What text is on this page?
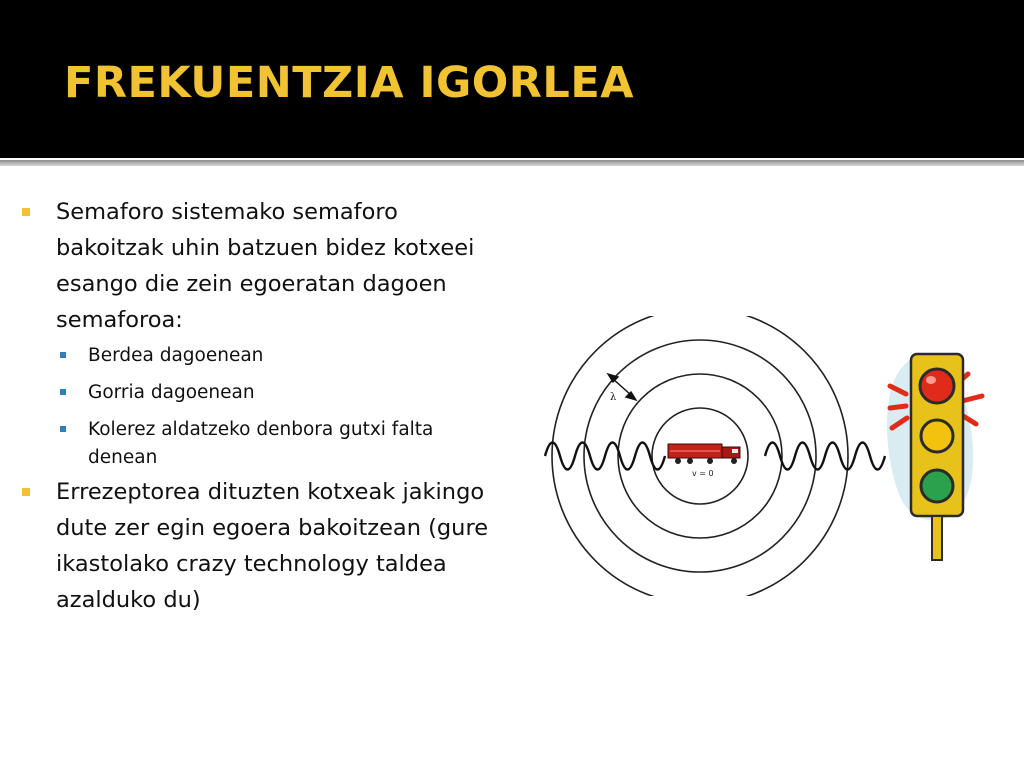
FREKUENTZIA IGORLEA
Semaforo sistemako semaforo bakoitzak uhin batzuen bidez kotxeei esango die zein egoeratan dagoen semaforoa:
Berdea dagoenean
Gorria dagoenean
Kolerez aldatzeko denbora gutxi falta denean
Errezeptorea dituzten kotxeak jakingo dute zer egin egoera bakoitzean (gure ikastolako crazy technology taldea azalduko du)
λ
v = 0
